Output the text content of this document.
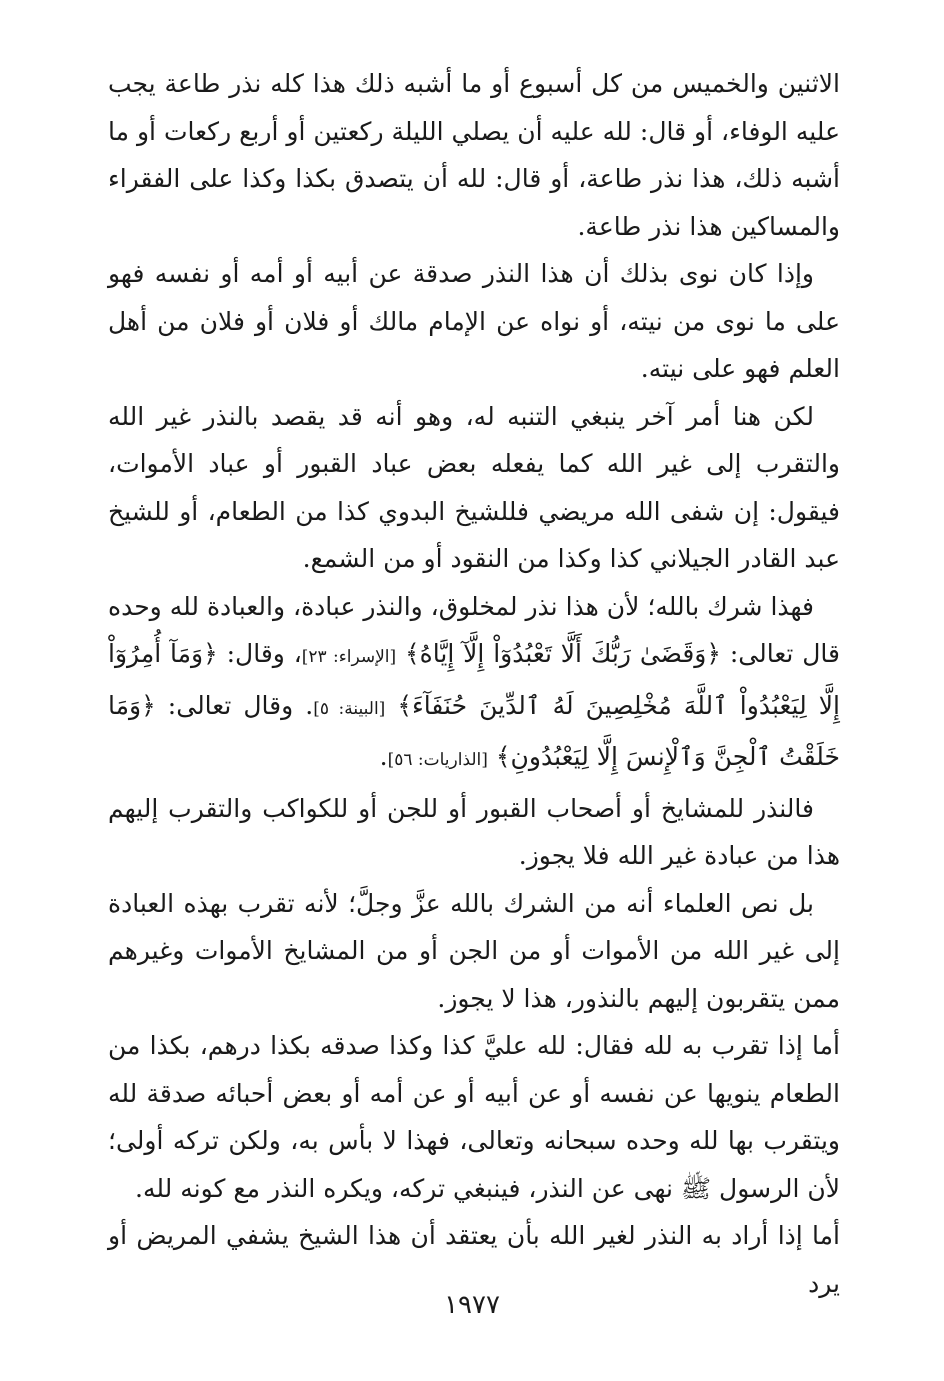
الاثنين والخميس من كل أسبوع أو ما أشبه ذلك هذا كله نذر طاعة يجب عليه الوفاء، أو قال: لله عليه أن يصلي الليلة ركعتين أو أربع ركعات أو ما أشبه ذلك، هذا نذر طاعة، أو قال: لله أن يتصدق بكذا وكذا على الفقراء والمساكين هذا نذر طاعة.

وإذا كان نوى بذلك أن هذا النذر صدقة عن أبيه أو أمه أو نفسه فهو على ما نوى من نيته، أو نواه عن الإمام مالك أو فلان أو فلان من أهل العلم فهو على نيته.

لكن هنا أمر آخر ينبغي التنبه له، وهو أنه قد يقصد بالنذر غير الله والتقرب إلى غير الله كما يفعله بعض عباد القبور أو عباد الأموات، فيقول: إن شفى الله مريضي فللشيخ البدوي كذا من الطعام، أو للشيخ عبد القادر الجيلاني كذا وكذا من النقود أو من الشمع.

فهذا شرك بالله؛ لأن هذا نذر لمخلوق، والنذر عبادة، والعبادة لله وحده قال تعالى: ﴿وَقَضَىٰ رَبُّكَ أَلَّا تَعْبُدُوٓاْ إِلَّآ إِيَّاهُ﴾ [الإسراء: ٢٣]، وقال: ﴿وَمَآ أُمِرُوٓاْ إِلَّا لِيَعْبُدُواْ ٱللَّهَ مُخْلِصِينَ لَهُ ٱلدِّينَ حُنَفَآءَ﴾ [البينة: ٥]. وقال تعالى: ﴿وَمَا خَلَقْتُ ٱلْجِنَّ وَٱلْإِنسَ إِلَّا لِيَعْبُدُونِ﴾ [الذاريات: ٥٦].

فالنذر للمشايخ أو أصحاب القبور أو للجن أو للكواكب والتقرب إليهم هذا من عبادة غير الله فلا يجوز.

بل نص العلماء أنه من الشرك بالله عزَّ وجلَّ؛ لأنه تقرب بهذه العبادة إلى غير الله من الأموات أو من الجن أو من المشايخ الأموات وغيرهم ممن يتقربون إليهم بالنذور، هذا لا يجوز.

أما إذا تقرب به لله فقال: لله عليَّ كذا وكذا صدقه بكذا درهم، بكذا من الطعام ينويها عن نفسه أو عن أبيه أو عن أمه أو بعض أحبائه صدقة لله ويتقرب بها لله وحده سبحانه وتعالى، فهذا لا بأس به، ولكن تركه أولى؛ لأن الرسول ﷺ نهى عن النذر، فينبغي تركه، ويكره النذر مع كونه لله.

أما إذا أراد به النذر لغير الله بأن يعتقد أن هذا الشيخ يشفي المريض أو يرد

١٩٧٧
